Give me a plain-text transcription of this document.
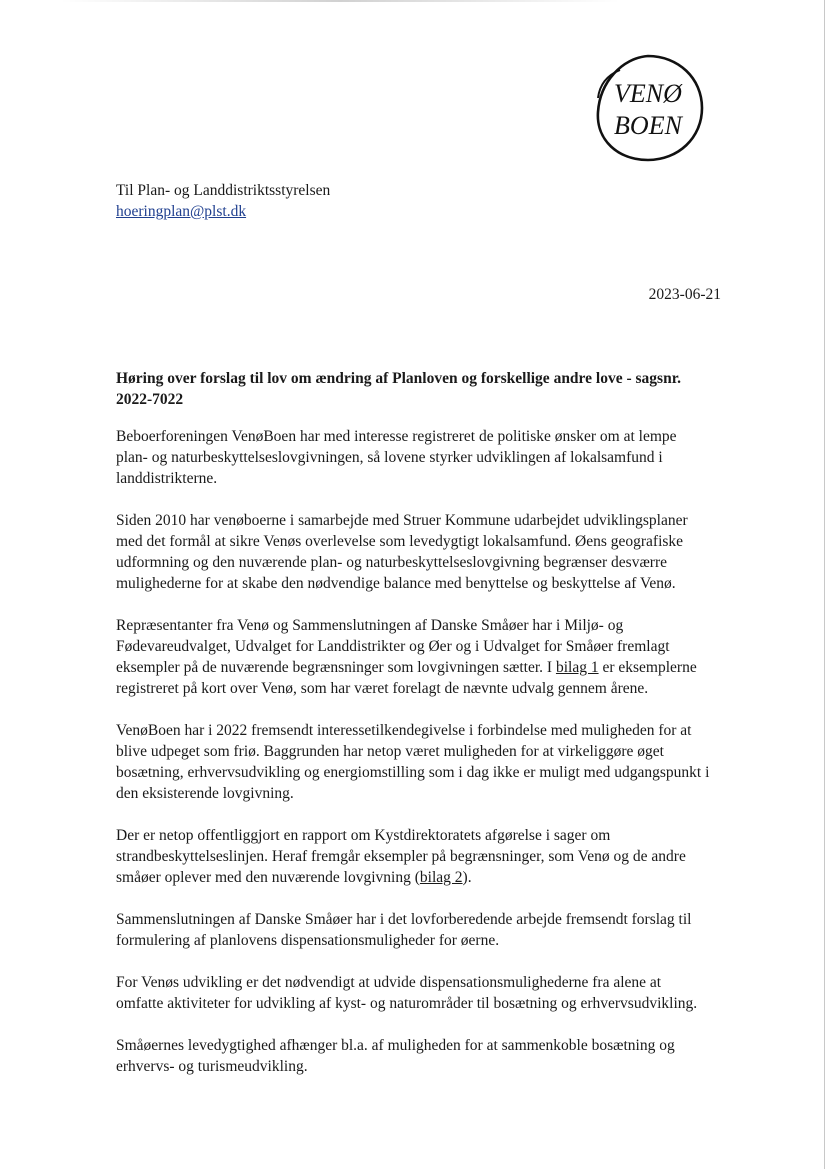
VENØ
BOEN
Til Plan- og Landdistriktsstyrelsen
hoeringplan@plst.dk
2023-06-21
Høring over forslag til lov om ændring af Planloven og forskellige andre love - sagsnr. 2022-7022

Beboerforeningen VenøBoen har med interesse registreret de politiske ønsker om at lempe plan- og naturbeskyttelseslovgivningen, så lovene styrker udviklingen af lokalsamfund i landdistrikterne.

Siden 2010 har venøboerne i samarbejde med Struer Kommune udarbejdet udviklingsplaner med det formål at sikre Venøs overlevelse som levedygtigt lokalsamfund. Øens geografiske udformning og den nuværende plan- og naturbeskyttelseslovgivning begrænser desværre mulighederne for at skabe den nødvendige balance med benyttelse og beskyttelse af Venø.

Repræsentanter fra Venø og Sammenslutningen af Danske Småøer har i Miljø- og Fødevareudvalget, Udvalget for Landdistrikter og Øer og i Udvalget for Småøer fremlagt eksempler på de nuværende begrænsninger som lovgivningen sætter. I bilag 1 er eksemplerne registreret på kort over Venø, som har været forelagt de nævnte udvalg gennem årene.

VenøBoen har i 2022 fremsendt interessetilkendegivelse i forbindelse med muligheden for at blive udpeget som friø. Baggrunden har netop været muligheden for at virkeliggøre øget bosætning, erhvervsudvikling og energiomstilling som i dag ikke er muligt med udgangspunkt i den eksisterende lovgivning.

Der er netop offentliggjort en rapport om Kystdirektoratets afgørelse i sager om strandbeskyttelseslinjen. Heraf fremgår eksempler på begrænsninger, som Venø og de andre småøer oplever med den nuværende lovgivning (bilag 2).

Sammenslutningen af Danske Småøer har i det lovforberedende arbejde fremsendt forslag til formulering af planlovens dispensationsmuligheder for øerne.

For Venøs udvikling er det nødvendigt at udvide dispensationsmulighederne fra alene at omfatte aktiviteter for udvikling af kyst- og naturområder til bosætning og erhvervsudvikling.

Småøernes levedygtighed afhænger bl.a. af muligheden for at sammenkoble bosætning og erhvervs- og turismeudvikling.
